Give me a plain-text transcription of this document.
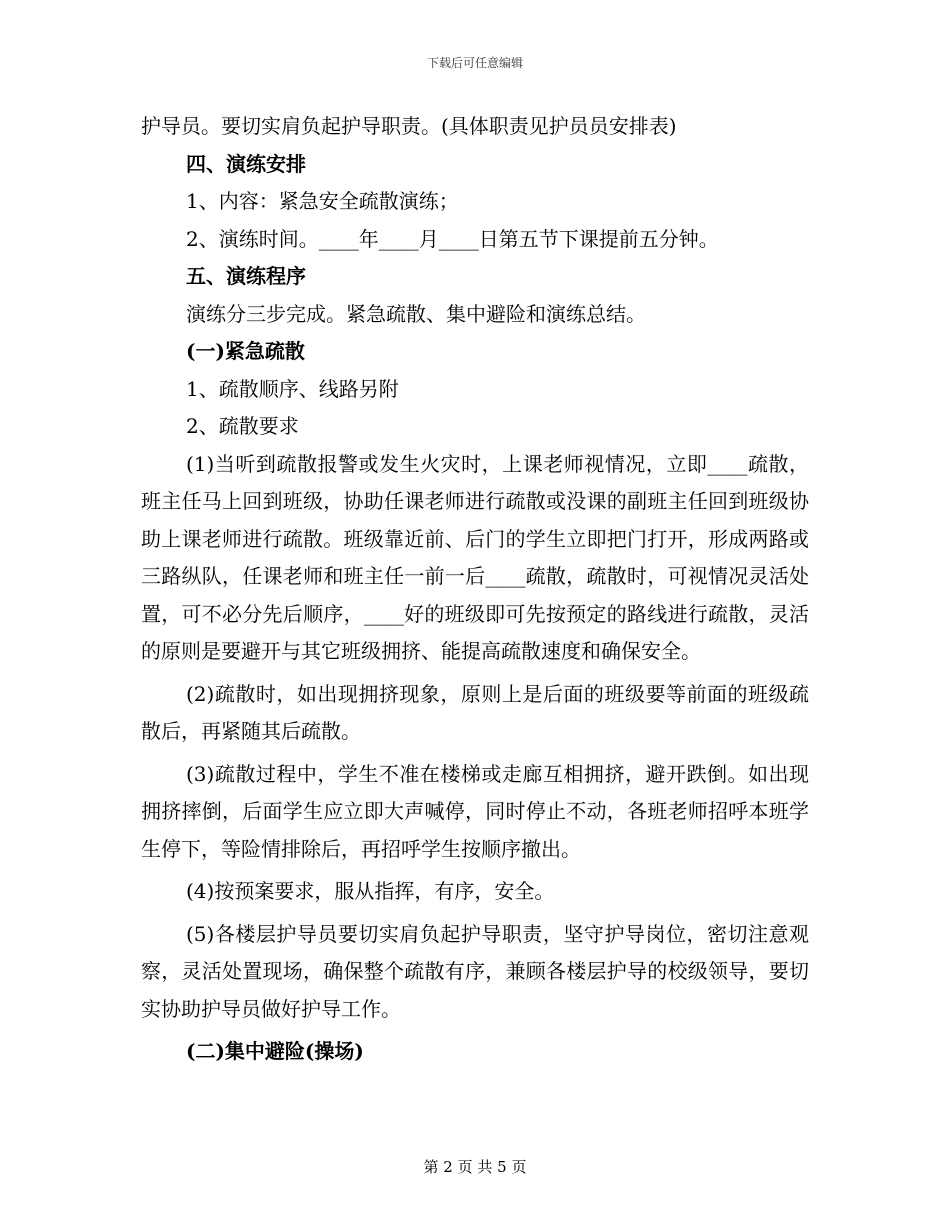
下载后可任意编辑

护导员。要切实肩负起护导职责。(具体职责见护员员安排表)

四、演练安排

1、内容：紧急安全疏散演练；

2、演练时间。____年____月____日第五节下课提前五分钟。

五、演练程序

演练分三步完成。紧急疏散、集中避险和演练总结。

(一)紧急疏散

1、疏散顺序、线路另附

2、疏散要求

(1)当听到疏散报警或发生火灾时，上课老师视情况，立即____疏散，班主任马上回到班级，协助任课老师进行疏散或没课的副班主任回到班级协助上课老师进行疏散。班级靠近前、后门的学生立即把门打开，形成两路或三路纵队，任课老师和班主任一前一后____疏散，疏散时，可视情况灵活处置，可不必分先后顺序，____好的班级即可先按预定的路线进行疏散，灵活的原则是要避开与其它班级拥挤、能提高疏散速度和确保安全。

(2)疏散时，如出现拥挤现象，原则上是后面的班级要等前面的班级疏散后，再紧随其后疏散。

(3)疏散过程中，学生不准在楼梯或走廊互相拥挤，避开跌倒。如出现拥挤摔倒，后面学生应立即大声喊停，同时停止不动，各班老师招呼本班学生停下，等险情排除后，再招呼学生按顺序撤出。

(4)按预案要求，服从指挥，有序，安全。

(5)各楼层护导员要切实肩负起护导职责，坚守护导岗位，密切注意观察，灵活处置现场，确保整个疏散有序，兼顾各楼层护导的校级领导，要切实协助护导员做好护导工作。

(二)集中避险(操场)

第 2 页 共 5 页
